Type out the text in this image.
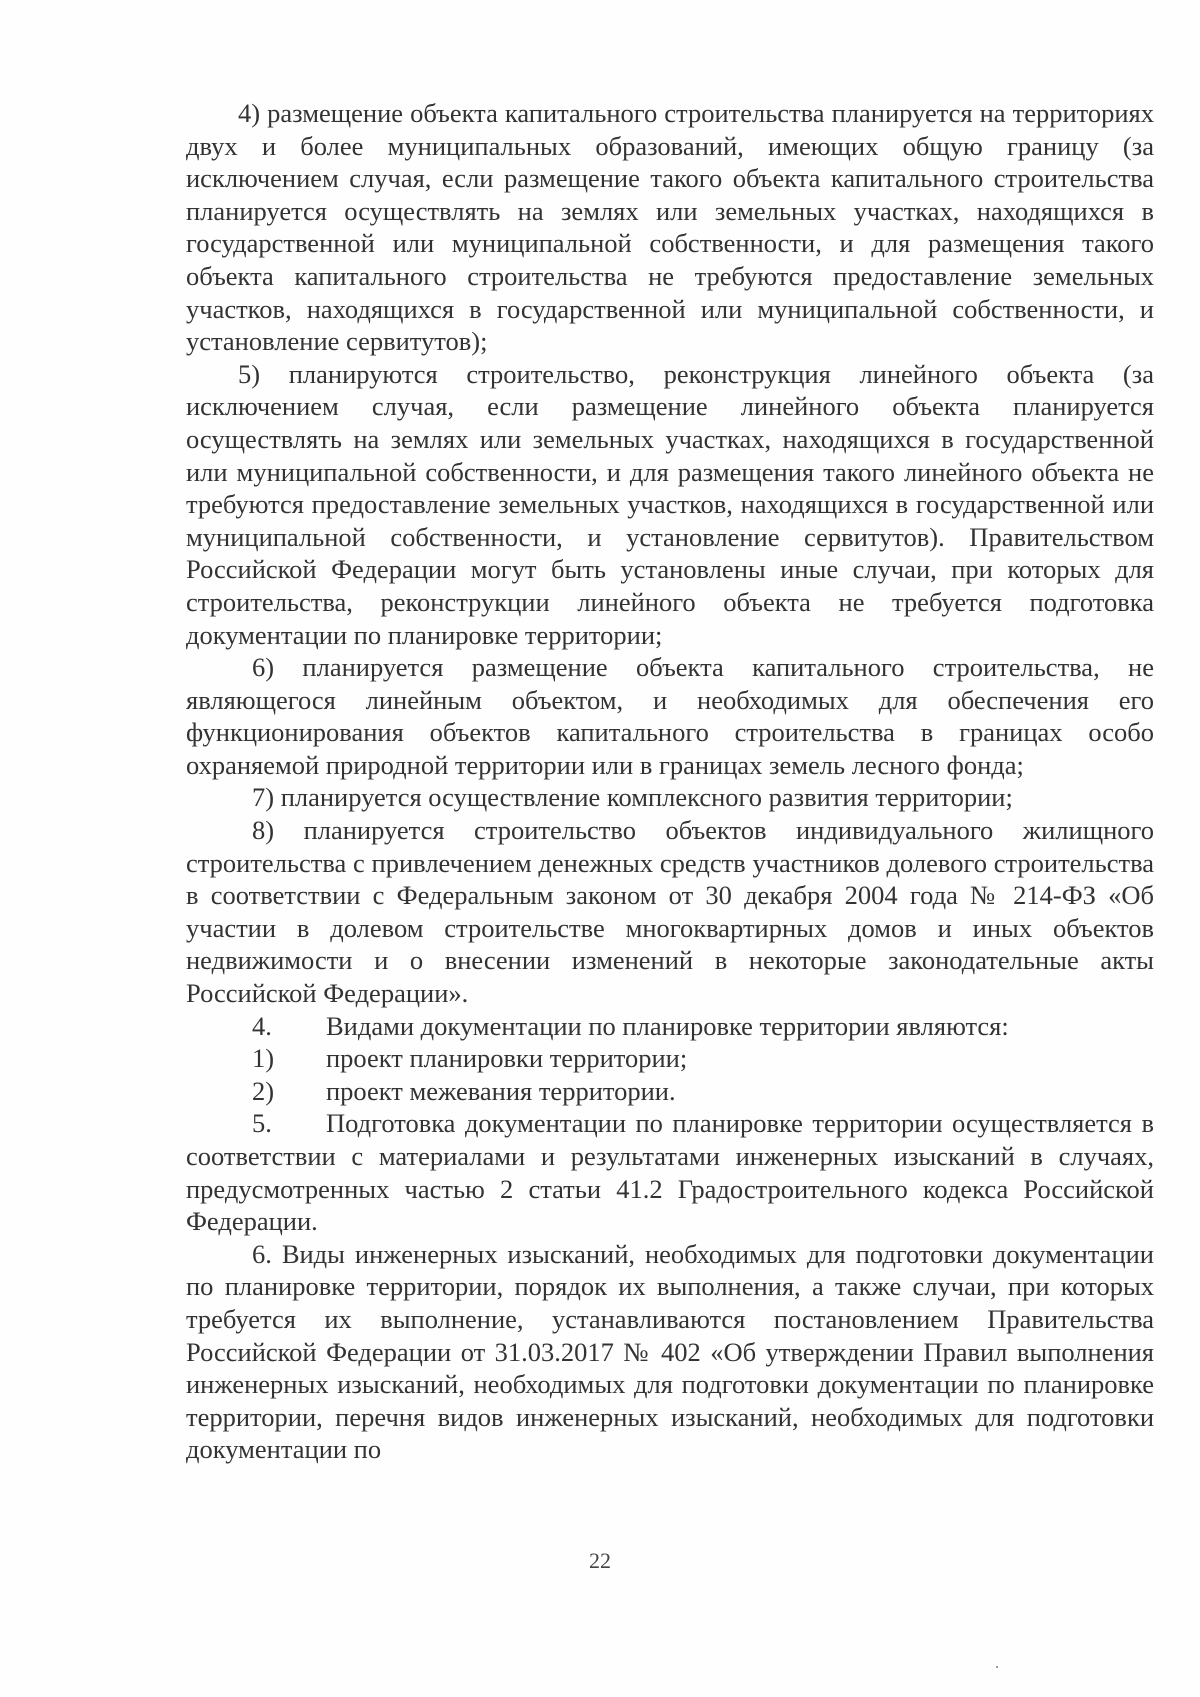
4) размещение объекта капитального строительства планируется на территориях двух и более муниципальных образований, имеющих общую границу (за исключением случая, если размещение такого объекта капитального строительства планируется осуществлять на землях или земельных участках, находящихся в государственной или муниципальной собственности, и для размещения такого объекта капитального строительства не требуются предоставление земельных участков, находящихся в государственной или муниципальной собственности, и установление сервитутов);

5) планируются строительство, реконструкция линейного объекта (за исключением случая, если размещение линейного объекта планируется осуществлять на землях или земельных участках, находящихся в государственной или муниципальной собственности, и для размещения такого линейного объекта не требуются предоставление земельных участков, находящихся в государственной или муниципальной собственности, и установление сервитутов). Правительством Российской Федерации могут быть установлены иные случаи, при которых для строительства, реконструкции линейного объекта не требуется подготовка документации по планировке территории;

6) планируется размещение объекта капитального строительства, не являющегося линейным объектом, и необходимых для обеспечения его функционирования объектов капитального строительства в границах особо охраняемой природной территории или в границах земель лесного фонда;

7) планируется осуществление комплексного развития территории;

8) планируется строительство объектов индивидуального жилищного строительства с привлечением денежных средств участников долевого строительства в соответствии с Федеральным законом от 30 декабря 2004 года № 214-ФЗ «Об участии в долевом строительстве многоквартирных домов и иных объектов недвижимости и о внесении изменений в некоторые законодательные акты Российской Федерации».

4.	Видами документации по планировке территории являются:
1)	проект планировки территории;
2)	проект межевания территории.

5. Подготовка документации по планировке территории осуществляется в соответствии с материалами и результатами инженерных изысканий в случаях, предусмотренных частью 2 статьи 41.2 Градостроительного кодекса Российской Федерации.

6. Виды инженерных изысканий, необходимых для подготовки документации по планировке территории, порядок их выполнения, а также случаи, при которых требуется их выполнение, устанавливаются постановлением Правительства Российской Федерации от 31.03.2017 № 402 «Об утверждении Правил выполнения инженерных изысканий, необходимых для подготовки документации по планировке территории, перечня видов инженерных изысканий, необходимых для подготовки документации по

22
